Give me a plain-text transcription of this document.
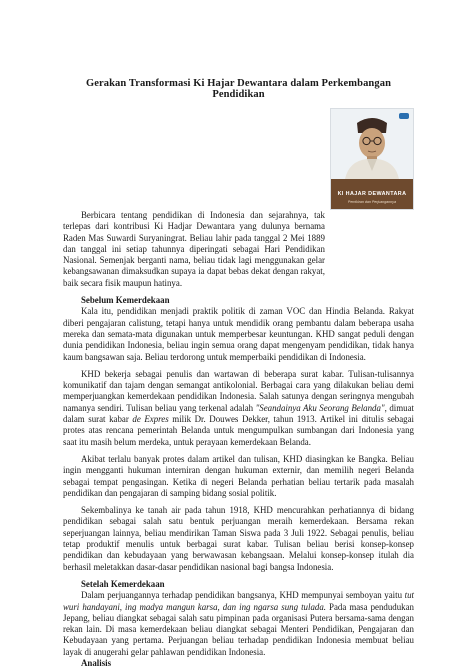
Gerakan Transformasi Ki Hajar Dewantara dalam Perkembangan Pendidikan
KI HAJAR DEWANTARA
Pemikiran dan Perjuangannya

Berbicara tentang pendidikan di Indonesia dan sejarahnya, tak terlepas dari kontribusi Ki Hadjar Dewantara yang dulunya bernama Raden Mas Suwardi Suryaningrat. Beliau lahir pada tanggal 2 Mei 1889 dan tanggal ini setiap tahunnya diperingati sebagai Hari Pendidikan Nasional. Semenjak berganti nama, beliau tidak lagi menggunakan gelar kebangsawanan dimaksudkan supaya ia dapat bebas dekat dengan rakyat, baik secara fisik maupun hatinya.

Sebelum Kemerdekaan

Kala itu, pendidikan menjadi praktik politik di zaman VOC dan Hindia Belanda. Rakyat diberi pengajaran calistung, tetapi hanya untuk mendidik orang pembantu dalam beberapa usaha mereka dan semata-mata digunakan untuk memperbesar keuntungan. KHD sangat peduli dengan dunia pendidikan Indonesia, beliau ingin semua orang dapat mengenyam pendidikan, tidak hanya kaum bangsawan saja. Beliau terdorong untuk memperbaiki pendidikan di Indonesia.

KHD bekerja sebagai penulis dan wartawan di beberapa surat kabar. Tulisan-tulisannya komunikatif dan tajam dengan semangat antikolonial. Berbagai cara yang dilakukan beliau demi memperjuangkan kemerdekaan pendidikan Indonesia. Salah satunya dengan seringnya mengubah namanya sendiri. Tulisan beliau yang terkenal adalah "Seandainya Aku Seorang Belanda", dimuat dalam surat kabar de Expres milik Dr. Douwes Dekker, tahun 1913. Artikel ini ditulis sebagai protes atas rencana pemerintah Belanda untuk mengumpulkan sumbangan dari Indonesia yang saat itu masih belum merdeka, untuk perayaan kemerdekaan Belanda.

Akibat terlalu banyak protes dalam artikel dan tulisan, KHD diasingkan ke Bangka. Beliau ingin mengganti hukuman interniran dengan hukuman externir, dan memilih negeri Belanda sebagai tempat pengasingan. Ketika di negeri Belanda perhatian beliau tertarik pada masalah pendidikan dan pengajaran di samping bidang sosial politik.

Sekembalinya ke tanah air pada tahun 1918, KHD mencurahkan perhatiannya di bidang pendidikan sebagai salah satu bentuk perjuangan meraih kemerdekaan. Bersama rekan seperjuangan lainnya, beliau mendirikan Taman Siswa pada 3 Juli 1922. Sebagai penulis, beliau tetap produktif menulis untuk berbagai surat kabar. Tulisan beliau berisi konsep-konsep pendidikan dan kebudayaan yang berwawasan kebangsaan. Melalui konsep-konsep itulah dia berhasil meletakkan dasar-dasar pendidikan nasional bagi bangsa Indonesia.

Setelah Kemerdekaan

Dalam perjuangannya terhadap pendidikan bangsanya, KHD mempunyai semboyan yaitu tut wuri handayani, ing madya mangun karsa, dan ing ngarsa sung tulada. Pada masa pendudukan Jepang, beliau diangkat sebagai salah satu pimpinan pada organisasi Putera bersama-sama dengan rekan lain. Di masa kemerdekaan beliau diangkat sebagai Menteri Pendidikan, Pengajaran dan Kebudayaan yang pertama. Perjuangan beliau terhadap pendidikan Indonesia membuat beliau layak di anugerahi gelar pahlawan pendidikan Indonesia.

Analisis
